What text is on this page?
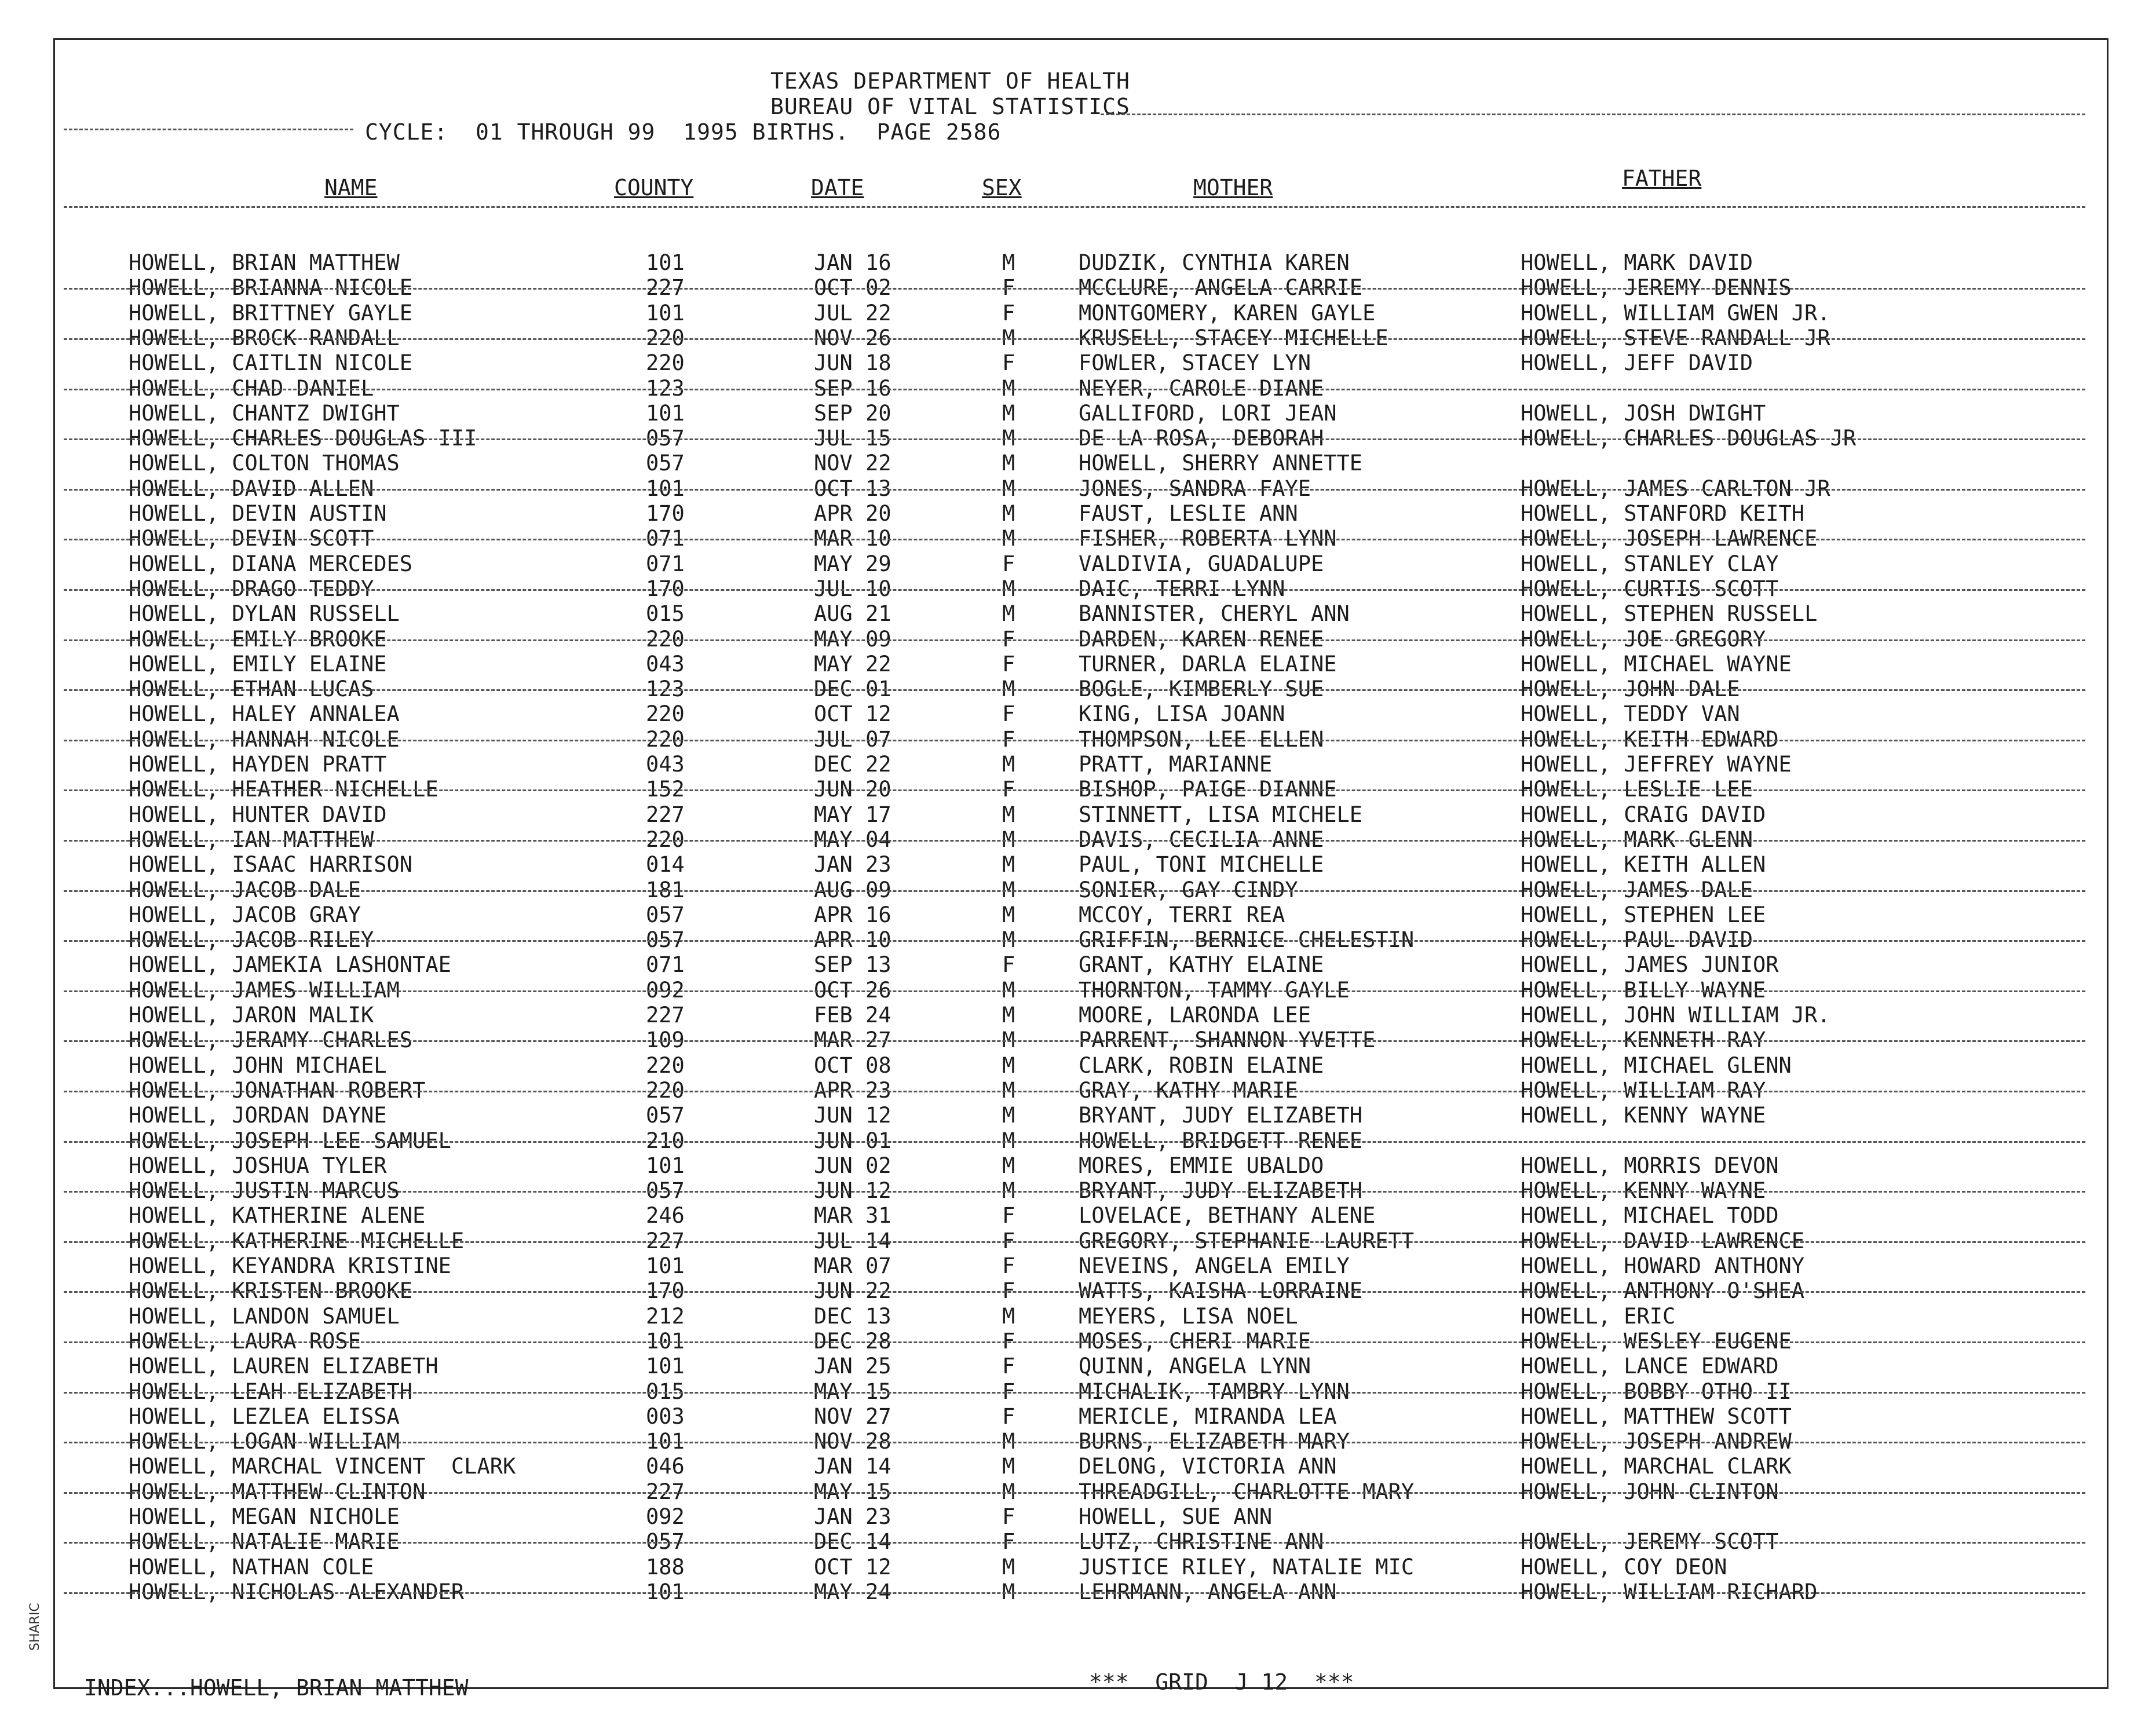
TEXAS DEPARTMENT OF HEALTH
BUREAU OF VITAL STATISTICS
CYCLE:  01 THROUGH 99  1995 BIRTHS.  PAGE 2586
NAME	COUNTY	DATE	SEX	MOTHER	FATHER
HOWELL, BRIAN MATTHEW	101	JAN 16	M	DUDZIK, CYNTHIA KAREN	HOWELL, MARK DAVID
HOWELL, BRIANNA NICOLE	227	OCT 02	F	MCCLURE, ANGELA CARRIE	HOWELL, JEREMY DENNIS
HOWELL, BRITTNEY GAYLE	101	JUL 22	F	MONTGOMERY, KAREN GAYLE	HOWELL, WILLIAM GWEN JR.
HOWELL, BROCK RANDALL	220	NOV 26	M	KRUSELL, STACEY MICHELLE	HOWELL, STEVE RANDALL JR
HOWELL, CAITLIN NICOLE	220	JUN 18	F	FOWLER, STACEY LYN	HOWELL, JEFF DAVID
HOWELL, CHAD DANIEL	123	SEP 16	M	NEYER, CAROLE DIANE
HOWELL, CHANTZ DWIGHT	101	SEP 20	M	GALLIFORD, LORI JEAN	HOWELL, JOSH DWIGHT
HOWELL, CHARLES DOUGLAS III	057	JUL 15	M	DE LA ROSA, DEBORAH	HOWELL, CHARLES DOUGLAS JR
HOWELL, COLTON THOMAS	057	NOV 22	M	HOWELL, SHERRY ANNETTE
HOWELL, DAVID ALLEN	101	OCT 13	M	JONES, SANDRA FAYE	HOWELL, JAMES CARLTON JR
HOWELL, DEVIN AUSTIN	170	APR 20	M	FAUST, LESLIE ANN	HOWELL, STANFORD KEITH
HOWELL, DEVIN SCOTT	071	MAR 10	M	FISHER, ROBERTA LYNN	HOWELL, JOSEPH LAWRENCE
HOWELL, DIANA MERCEDES	071	MAY 29	F	VALDIVIA, GUADALUPE	HOWELL, STANLEY CLAY
HOWELL, DRAGO TEDDY	170	JUL 10	M	DAIC, TERRI LYNN	HOWELL, CURTIS SCOTT
HOWELL, DYLAN RUSSELL	015	AUG 21	M	BANNISTER, CHERYL ANN	HOWELL, STEPHEN RUSSELL
HOWELL, EMILY BROOKE	220	MAY 09	F	DARDEN, KAREN RENEE	HOWELL, JOE GREGORY
HOWELL, EMILY ELAINE	043	MAY 22	F	TURNER, DARLA ELAINE	HOWELL, MICHAEL WAYNE
HOWELL, ETHAN LUCAS	123	DEC 01	M	BOGLE, KIMBERLY SUE	HOWELL, JOHN DALE
HOWELL, HALEY ANNALEA	220	OCT 12	F	KING, LISA JOANN	HOWELL, TEDDY VAN
HOWELL, HANNAH NICOLE	220	JUL 07	F	THOMPSON, LEE ELLEN	HOWELL, KEITH EDWARD
HOWELL, HAYDEN PRATT	043	DEC 22	M	PRATT, MARIANNE	HOWELL, JEFFREY WAYNE
HOWELL, HEATHER NICHELLE	152	JUN 20	F	BISHOP, PAIGE DIANNE	HOWELL, LESLIE LEE
HOWELL, HUNTER DAVID	227	MAY 17	M	STINNETT, LISA MICHELE	HOWELL, CRAIG DAVID
HOWELL, IAN MATTHEW	220	MAY 04	M	DAVIS, CECILIA ANNE	HOWELL, MARK GLENN
HOWELL, ISAAC HARRISON	014	JAN 23	M	PAUL, TONI MICHELLE	HOWELL, KEITH ALLEN
HOWELL, JACOB DALE	181	AUG 09	M	SONIER, GAY CINDY	HOWELL, JAMES DALE
HOWELL, JACOB GRAY	057	APR 16	M	MCCOY, TERRI REA	HOWELL, STEPHEN LEE
HOWELL, JACOB RILEY	057	APR 10	M	GRIFFIN, BERNICE CHELESTIN	HOWELL, PAUL DAVID
HOWELL, JAMEKIA LASHONTAE	071	SEP 13	F	GRANT, KATHY ELAINE	HOWELL, JAMES JUNIOR
HOWELL, JAMES WILLIAM	092	OCT 26	M	THORNTON, TAMMY GAYLE	HOWELL, BILLY WAYNE
HOWELL, JARON MALIK	227	FEB 24	M	MOORE, LARONDA LEE	HOWELL, JOHN WILLIAM JR.
HOWELL, JERAMY CHARLES	109	MAR 27	M	PARRENT, SHANNON YVETTE	HOWELL, KENNETH RAY
HOWELL, JOHN MICHAEL	220	OCT 08	M	CLARK, ROBIN ELAINE	HOWELL, MICHAEL GLENN
HOWELL, JONATHAN ROBERT	220	APR 23	M	GRAY, KATHY MARIE	HOWELL, WILLIAM RAY
HOWELL, JORDAN DAYNE	057	JUN 12	M	BRYANT, JUDY ELIZABETH	HOWELL, KENNY WAYNE
HOWELL, JOSEPH LEE SAMUEL	210	JUN 01	M	HOWELL, BRIDGETT RENEE
HOWELL, JOSHUA TYLER	101	JUN 02	M	MORES, EMMIE UBALDO	HOWELL, MORRIS DEVON
HOWELL, JUSTIN MARCUS	057	JUN 12	M	BRYANT, JUDY ELIZABETH	HOWELL, KENNY WAYNE
HOWELL, KATHERINE ALENE	246	MAR 31	F	LOVELACE, BETHANY ALENE	HOWELL, MICHAEL TODD
HOWELL, KATHERINE MICHELLE	227	JUL 14	F	GREGORY, STEPHANIE LAURETT	HOWELL, DAVID LAWRENCE
HOWELL, KEYANDRA KRISTINE	101	MAR 07	F	NEVEINS, ANGELA EMILY	HOWELL, HOWARD ANTHONY
HOWELL, KRISTEN BROOKE	170	JUN 22	F	WATTS, KAISHA LORRAINE	HOWELL, ANTHONY O'SHEA
HOWELL, LANDON SAMUEL	212	DEC 13	M	MEYERS, LISA NOEL	HOWELL, ERIC
HOWELL, LAURA ROSE	101	DEC 28	F	MOSES, CHERI MARIE	HOWELL, WESLEY EUGENE
HOWELL, LAUREN ELIZABETH	101	JAN 25	F	QUINN, ANGELA LYNN	HOWELL, LANCE EDWARD
HOWELL, LEAH ELIZABETH	015	MAY 15	F	MICHALIK, TAMBRY LYNN	HOWELL, BOBBY OTHO II
HOWELL, LEZLEA ELISSA	003	NOV 27	F	MERICLE, MIRANDA LEA	HOWELL, MATTHEW SCOTT
HOWELL, LOGAN WILLIAM	101	NOV 28	M	BURNS, ELIZABETH MARY	HOWELL, JOSEPH ANDREW
HOWELL, MARCHAL VINCENT  CLARK	046	JAN 14	M	DELONG, VICTORIA ANN	HOWELL, MARCHAL CLARK
HOWELL, MATTHEW CLINTON	227	MAY 15	M	THREADGILL, CHARLOTTE MARY	HOWELL, JOHN CLINTON
HOWELL, MEGAN NICHOLE	092	JAN 23	F	HOWELL, SUE ANN
HOWELL, NATALIE MARIE	057	DEC 14	F	LUTZ, CHRISTINE ANN	HOWELL, JEREMY SCOTT
HOWELL, NATHAN COLE	188	OCT 12	M	JUSTICE RILEY, NATALIE MIC	HOWELL, COY DEON
HOWELL, NICHOLAS ALEXANDER	101	MAY 24	M	LEHRMANN, ANGELA ANN	HOWELL, WILLIAM RICHARD
INDEX...HOWELL, BRIAN MATTHEW	***  GRID  J 12  ***
SHARIC
